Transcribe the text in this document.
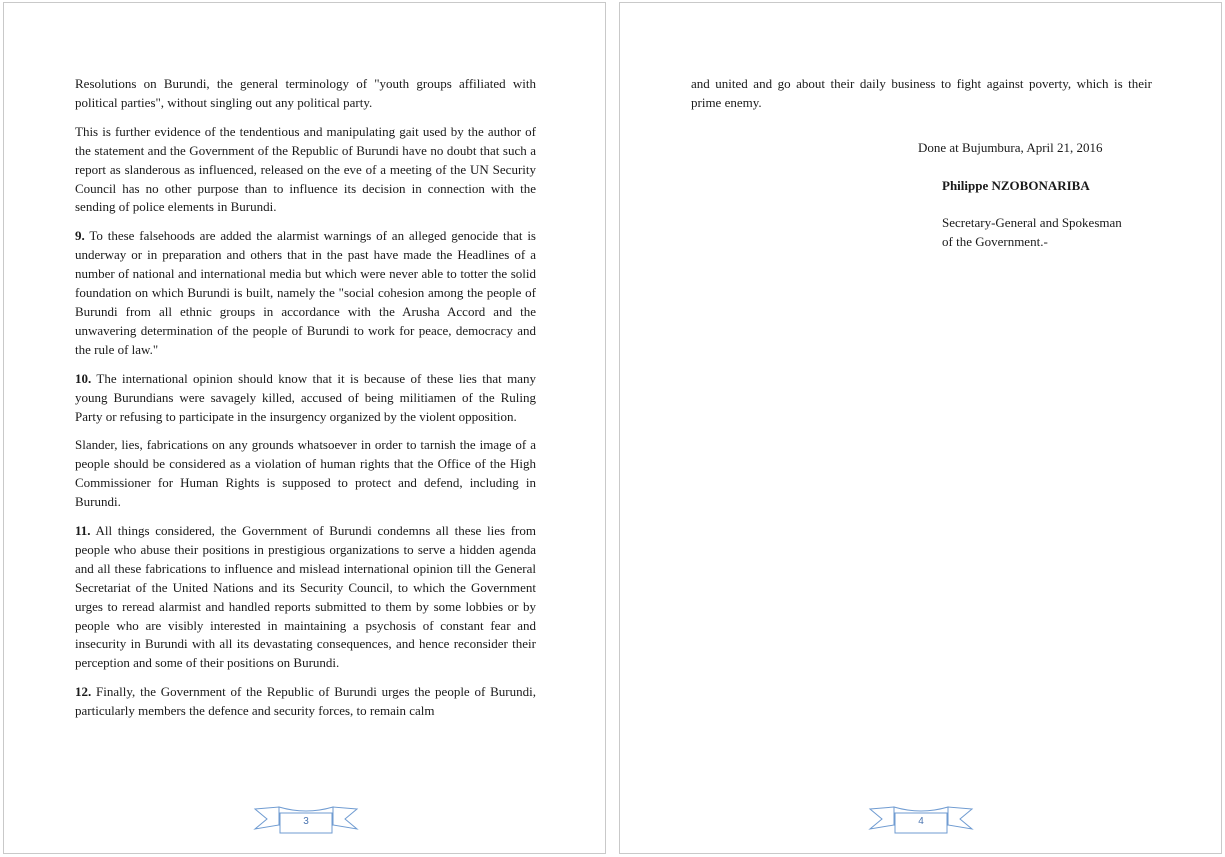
Resolutions on Burundi, the general terminology of "youth groups affiliated with political parties", without singling out any political party.

This is further evidence of the tendentious and manipulating gait used by the author of the statement and the Government of the Republic of Burundi have no doubt that such a report as slanderous as influenced, released on the eve of a meeting of the UN Security Council has no other purpose than to influence its decision in connection with the sending of police elements in Burundi.

9. To these falsehoods are added the alarmist warnings of an alleged genocide that is underway or in preparation and others that in the past have made the Headlines of a number of national and international media but which were never able to totter the solid foundation on which Burundi is built, namely the "social cohesion among the people of Burundi from all ethnic groups in accordance with the Arusha Accord and the unwavering determination of the people of Burundi to work for peace, democracy and the rule of law."

10. The international opinion should know that it is because of these lies that many young Burundians were savagely killed, accused of being militiamen of the Ruling Party or refusing to participate in the insurgency organized by the violent opposition.

Slander, lies, fabrications on any grounds whatsoever in order to tarnish the image of a people should be considered as a violation of human rights that the Office of the High Commissioner for Human Rights is supposed to protect and defend, including in Burundi.

11. All things considered, the Government of Burundi condemns all these lies from people who abuse their positions in prestigious organizations to serve a hidden agenda and all these fabrications to influence and mislead international opinion till the General Secretariat of the United Nations and its Security Council, to which the Government urges to reread alarmist and handled reports submitted to them by some lobbies or by people who are visibly interested in maintaining a psychosis of constant fear and insecurity in Burundi with all its devastating consequences, and hence reconsider their perception and some of their positions on Burundi.

12. Finally, the Government of the Republic of Burundi urges the people of Burundi, particularly members the defence and security forces, to remain calm

3

and united and go about their daily business to fight against poverty, which is their prime enemy.

Done at Bujumbura, April 21, 2016
Philippe NZOBONARIBA
Secretary-General and Spokesman
of the Government.-
4
